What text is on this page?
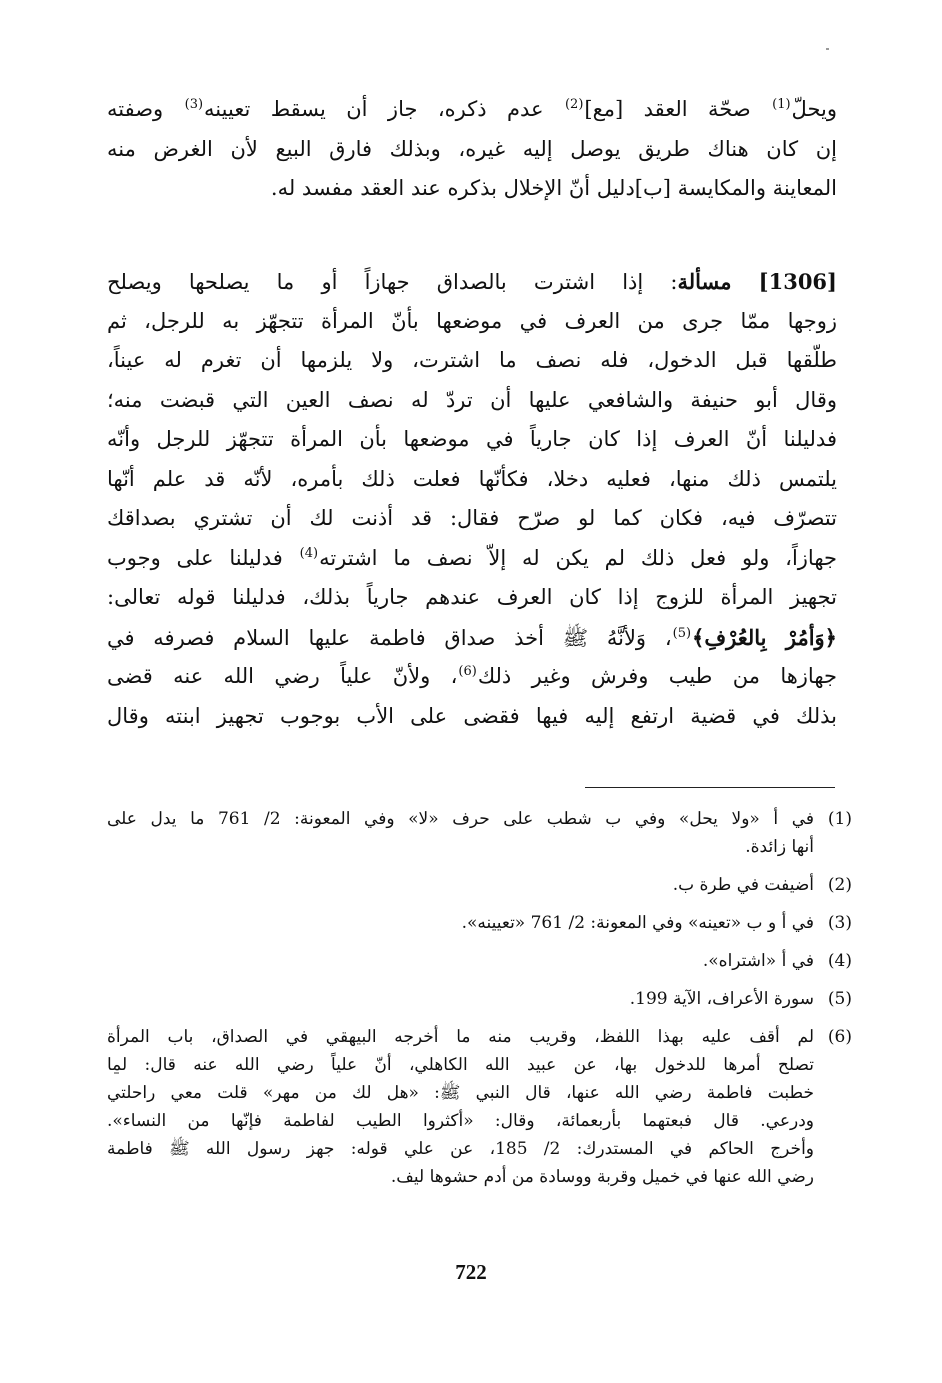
ويحلّ$^{(1)}$ صحّة العقد [مع]$^{(2)}$ عدم ذكره، جاز أن يسقط تعيينه$^{(3)}$ وصفته
إن كان هناك طريق يوصل إليه غيره، وبذلك فارق البيع لأن الغرض منه
المعاينة والمكايسة [ب]دليل أنّ الإخلال بذكره عند العقد مفسد له.
[1306] مسألة: إذا اشترت بالصداق جهازاً أو ما يصلحها ويصلح
زوجها ممّا جرى من العرف في موضعها بأنّ المرأة تتجهّز به للرجل، ثم
طلّقها قبل الدخول، فله نصف ما اشترت، ولا يلزمها أن تغرم له عيناً،
وقال أبو حنيفة والشافعي عليها أن تردّ له نصف العين التي قبضت منه؛
فدليلنا أنّ العرف إذا كان جارياً في موضعها بأن المرأة تتجهّز للرجل وأنّه
يلتمس ذلك منها، فعليه دخلا، فكأنّها فعلت ذلك بأمره، لأنّه قد علم أنّها
تتصرّف فيه، فكان كما لو صرّح فقال: قد أذنت لك أن تشتري بصداقك
جهازاً، ولو فعل ذلك لم يكن له إلاّ نصف ما اشترته$^{(4)}$ فدليلنا على وجوب
تجهيز المرأة للزوج إذا كان العرف عندهم جارياً بذلك، فدليلنا قوله تعالى:
﴿وَأمُرْ بِالعُرْفِ﴾$^{(5)}$، وَلأنَّهُ ﷺ أخذ صداق فاطمة عليها السلام فصرفه في
جهازها من طيب وفرش وغير ذلك$^{(6)}$، ولأنّ علياً رضي الله عنه قضى
بذلك في قضية ارتفع إليه فيها فقضى على الأب بوجوب تجهيز ابنته وقال
(1)
في أ «ولا يحل» وفي ب شطب على حرف «لا» وفي المعونة: 2/ 761 ما يدل على
أنها زائدة.
(2)
أضيفت في طرة ب.
(3)
في أ و ب «تعينه» وفي المعونة: 2/ 761 «تعيينه».
(4)
في أ «اشتراه».
(5)
سورة الأعراف، الآية 199.
(6)
لم أقف عليه بهذا اللفظ، وقريب منه ما أخرجه البيهقي في الصداق، باب المرأة
تصلح أمرها للدخول بها، عن عبيد الله الكاهلي، أنّ علياً رضي الله عنه قال: لما
خطبت فاطمة رضي الله عنها، قال النبي ﷺ: «هل لك من مهر» قلت معي راحلتي
ودرعي. قال فبعتهما بأربعمائة، وقال: «أكثروا الطيب لفاطمة فإنّها من النساء».
وأخرج الحاكم في المستدرك: 2/ 185، عن علي قوله: جهز رسول الله ﷺ فاطمة
رضي الله عنها في خميل وقربة ووسادة من أدم حشوها ليف.
722
